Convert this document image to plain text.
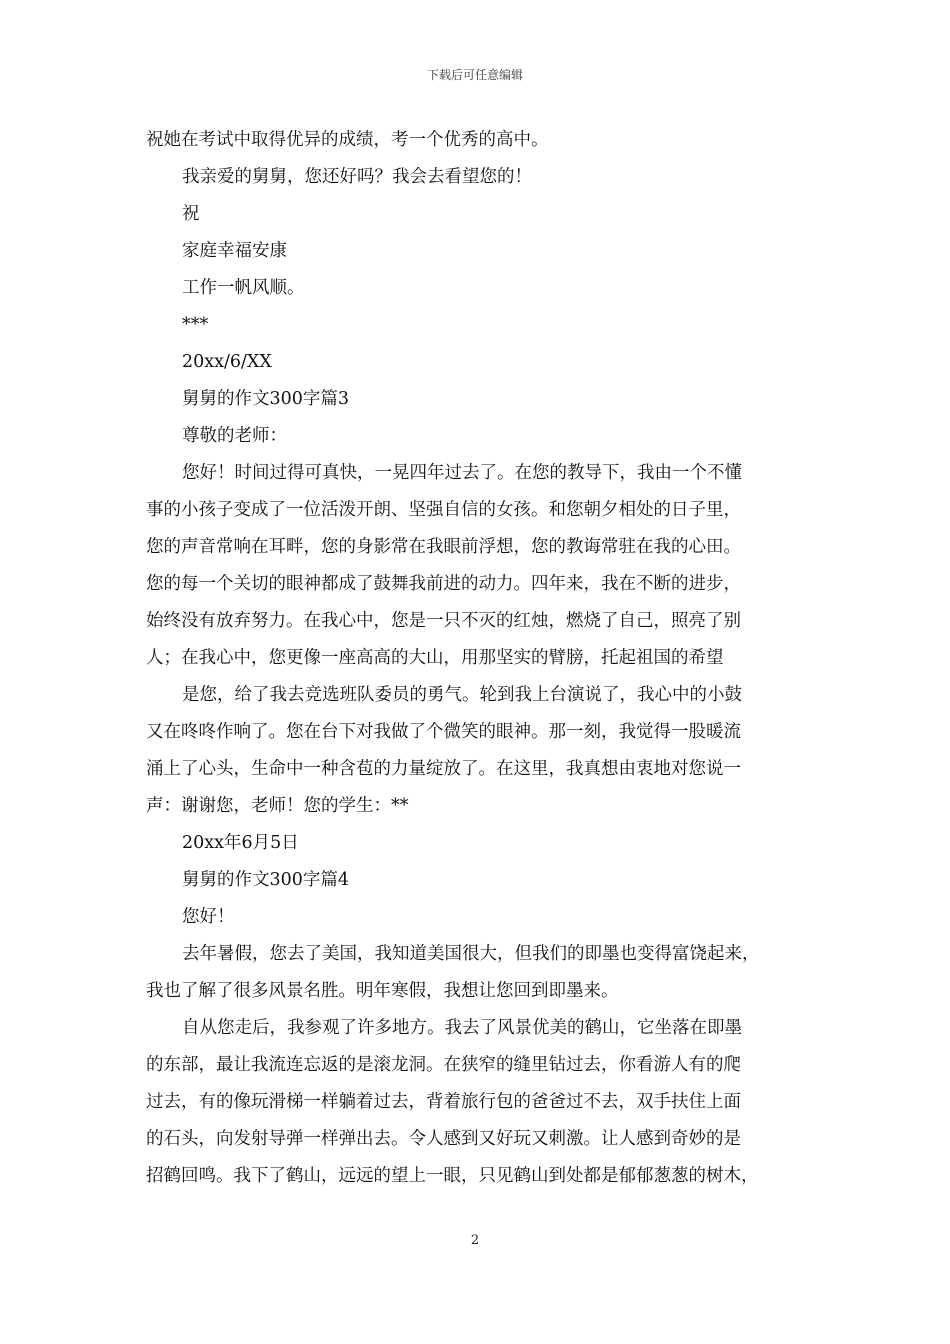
下载后可任意编辑

祝她在考试中取得优异的成绩，考一个优秀的高中。

我亲爱的舅舅，您还好吗？我会去看望您的！

祝

家庭幸福安康

工作一帆风顺。

***

20xx/6/XX

舅舅的作文300字篇3

尊敬的老师：

您好！时间过得可真快，一晃四年过去了。在您的教导下，我由一个不懂

事的小孩子变成了一位活泼开朗、坚强自信的女孩。和您朝夕相处的日子里，

您的声音常响在耳畔，您的身影常在我眼前浮想，您的教诲常驻在我的心田。

您的每一个关切的眼神都成了鼓舞我前进的动力。四年来，我在不断的进步，

始终没有放弃努力。在我心中，您是一只不灭的红烛，燃烧了自己，照亮了别

人；在我心中，您更像一座高高的大山，用那坚实的臂膀，托起祖国的希望

是您，给了我去竞选班队委员的勇气。轮到我上台演说了，我心中的小鼓

又在咚咚作响了。您在台下对我做了个微笑的眼神。那一刻，我觉得一股暖流

涌上了心头，生命中一种含苞的力量绽放了。在这里，我真想由衷地对您说一

声：谢谢您，老师！您的学生：**

20xx年6月5日

舅舅的作文300字篇4

您好！

去年暑假，您去了美国，我知道美国很大，但我们的即墨也变得富饶起来，

我也了解了很多风景名胜。明年寒假，我想让您回到即墨来。

自从您走后，我参观了许多地方。我去了风景优美的鹤山，它坐落在即墨

的东部，最让我流连忘返的是滚龙洞。在狭窄的缝里钻过去，你看游人有的爬

过去，有的像玩滑梯一样躺着过去，背着旅行包的爸爸过不去，双手扶住上面

的石头，向发射导弹一样弹出去。令人感到又好玩又刺激。让人感到奇妙的是

招鹤回鸣。我下了鹤山，远远的望上一眼，只见鹤山到处都是郁郁葱葱的树木，

2
